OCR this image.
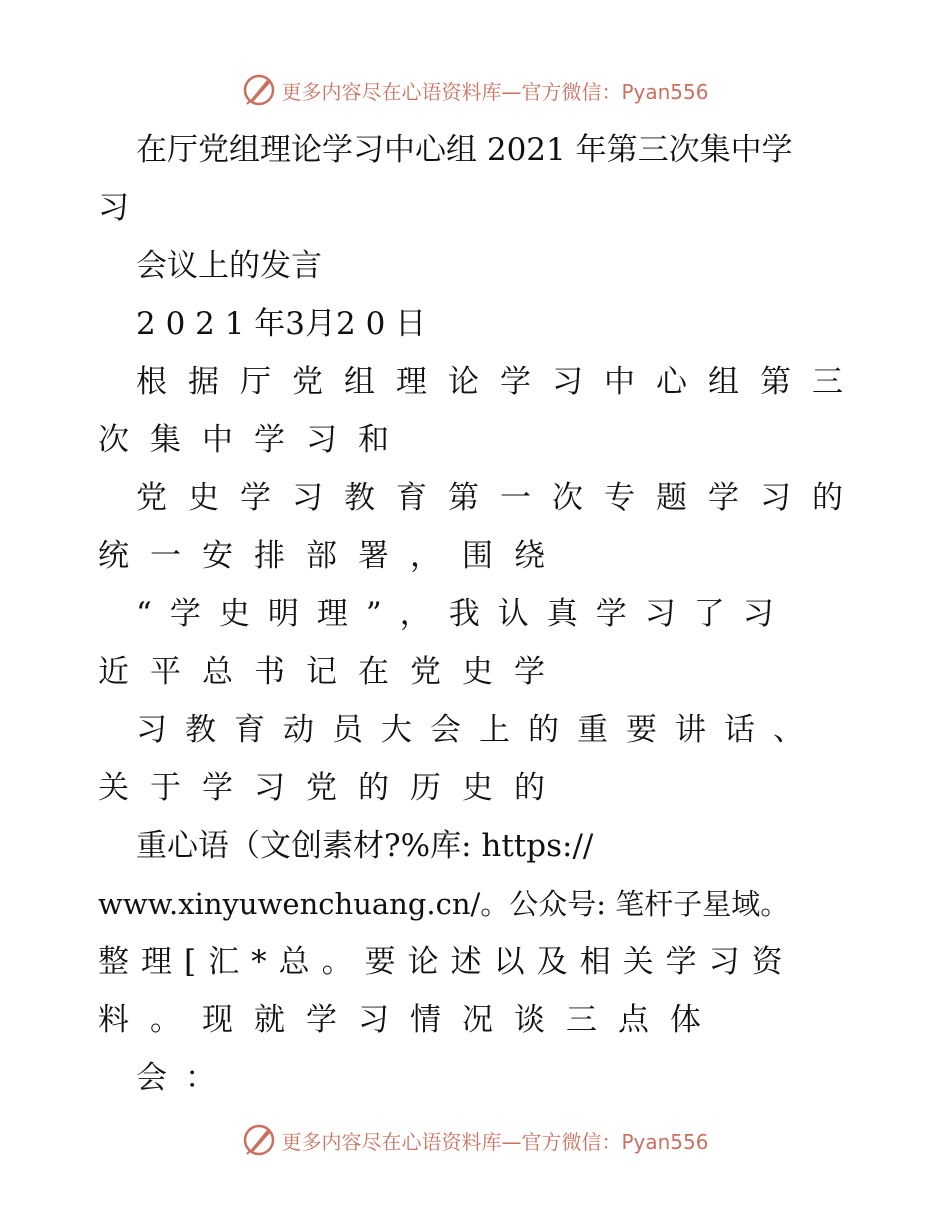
更多内容尽在心语资料库—官方微信：Pyan556
在厅党组理论学习中心组 2021 年第三次集中学
习
会议上的发言
2 0 2 1 年3月2 0 日
根据厅党组理论学习中心组第三
次集中学习和
党史学习教育第一次专题学习的
统一安排部署，围绕
“学史明理”，我认真学习了习
近平总书记在党史学
习教育动员大会上的重要讲话、
关于学习党的历史的
重心语（文创素材?%库: https://
www.xinyuwenchuang.cn/。公众号: 笔杆子星域。
整理[汇*总。要论述以及相关学习资
料。现就学习情况谈三点体
会：
更多内容尽在心语资料库—官方微信：Pyan556
